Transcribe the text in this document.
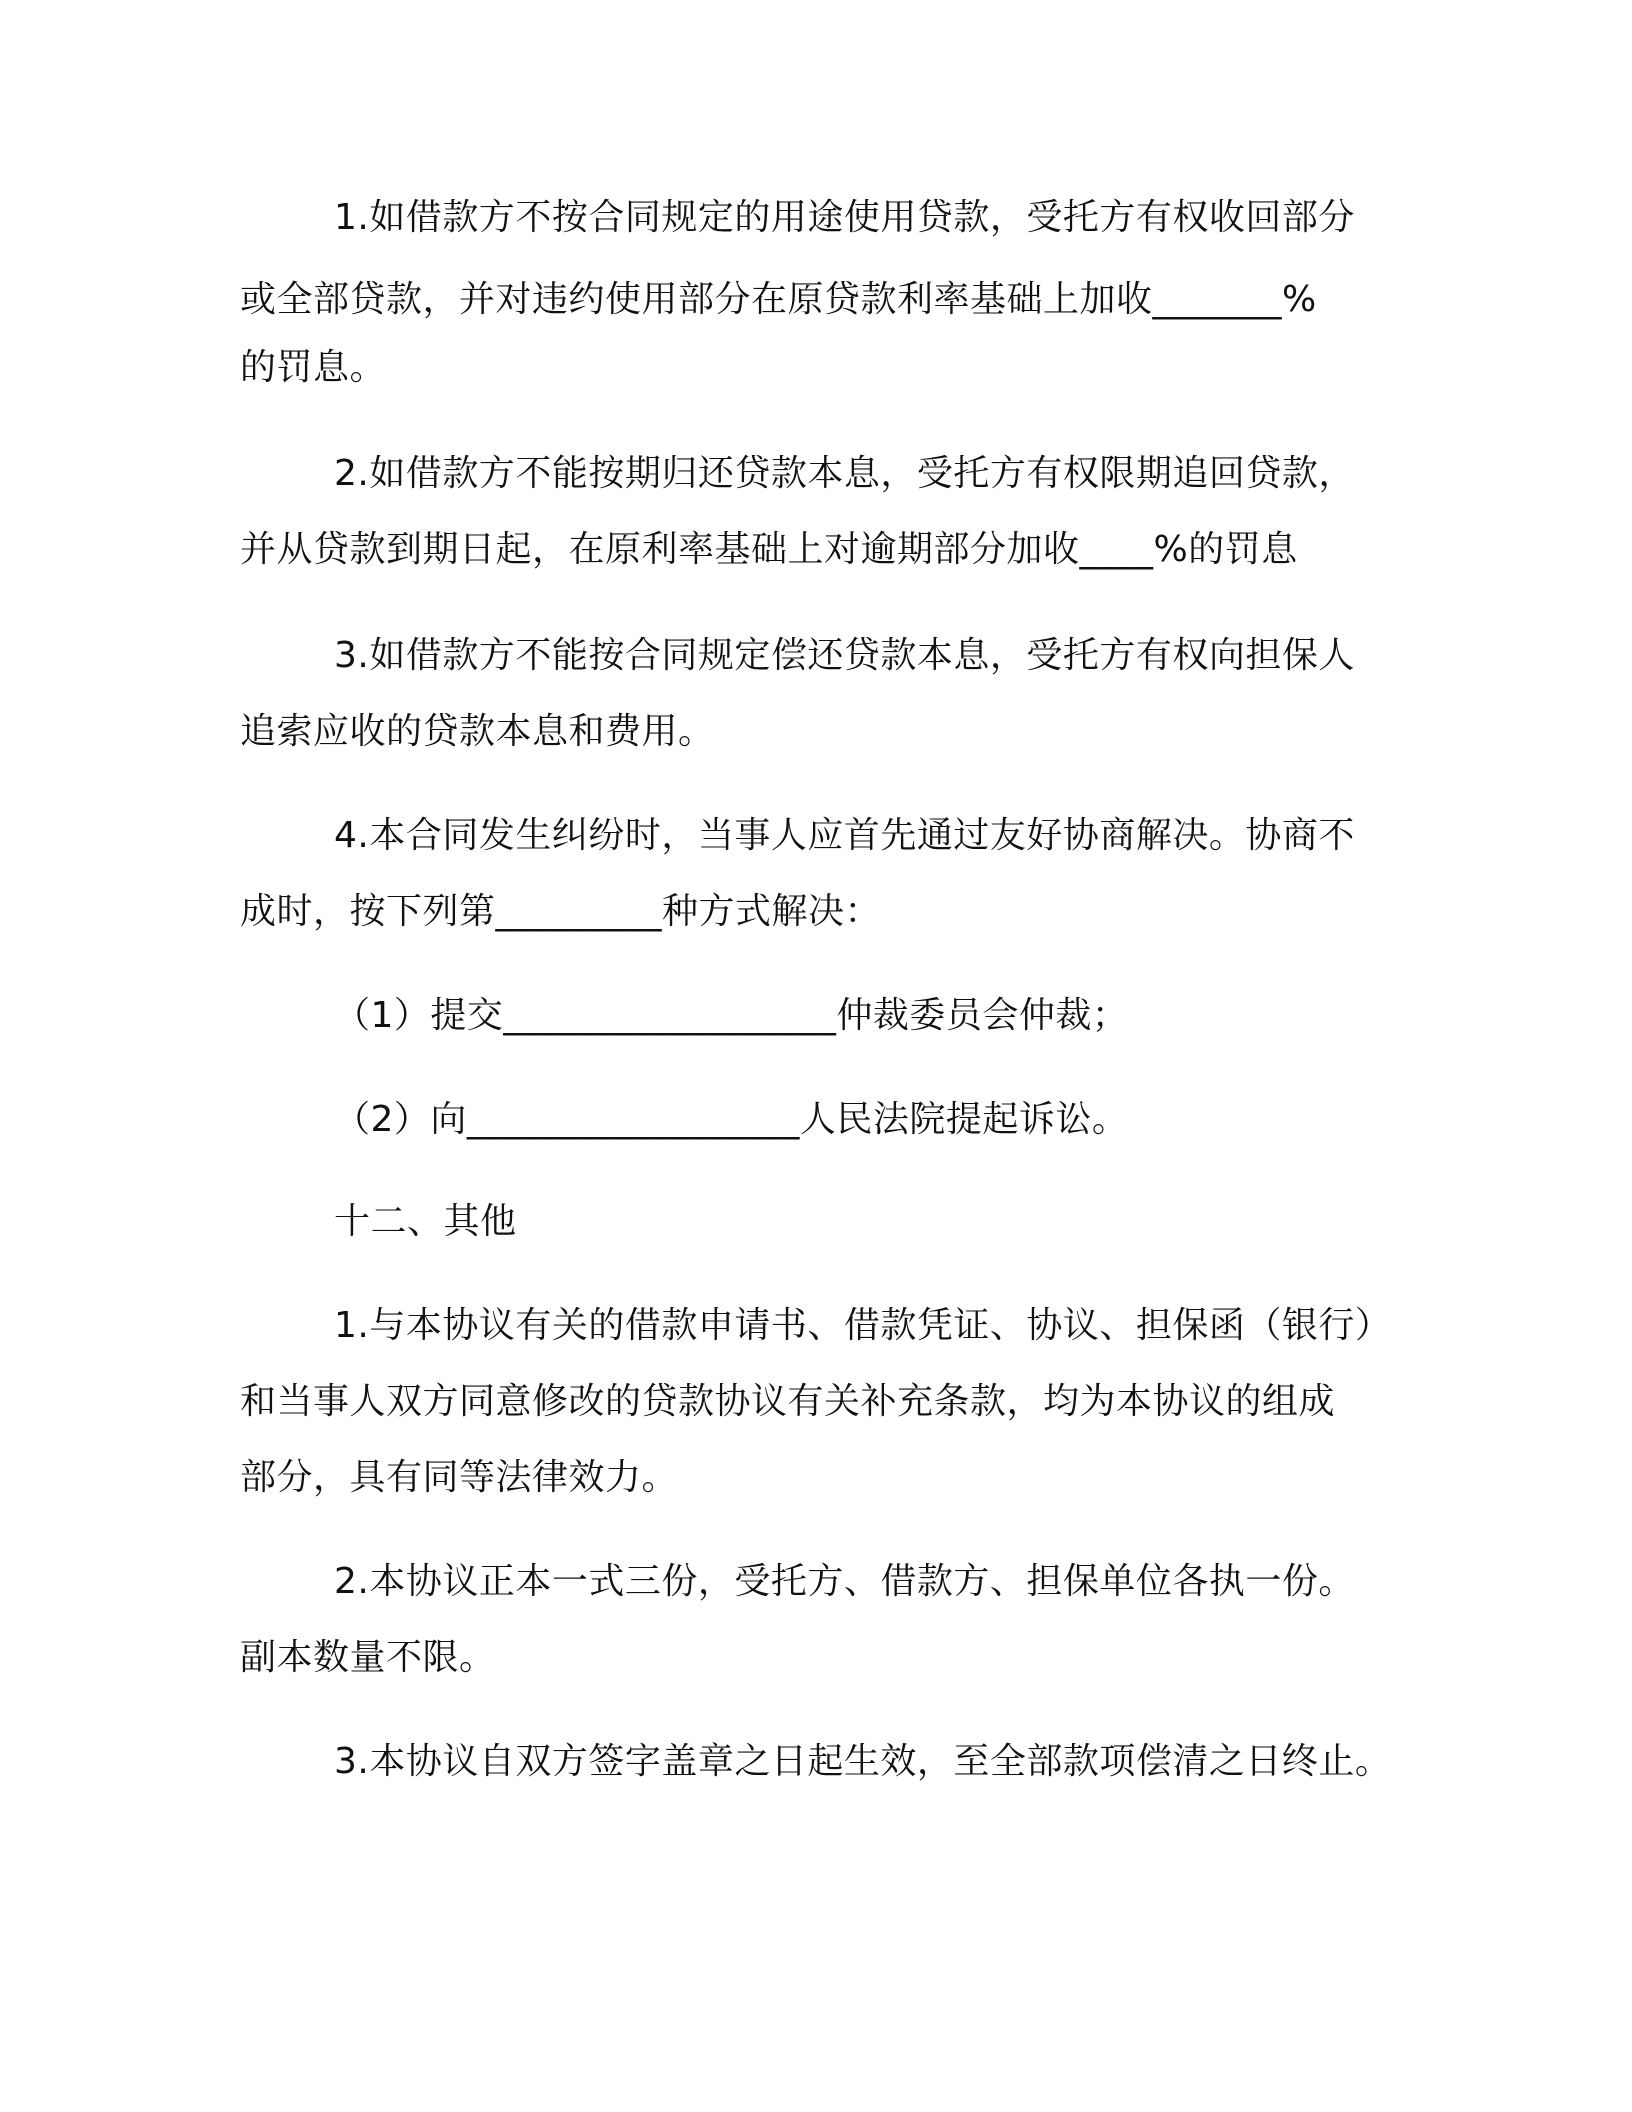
1.如借款方不按合同规定的用途使用贷款，受托方有权收回部分

或全部贷款，并对违约使用部分在原贷款利率基础上加收_______%

的罚息。

2.如借款方不能按期归还贷款本息，受托方有权限期追回贷款，

并从贷款到期日起，在原利率基础上对逾期部分加收____%的罚息

3.如借款方不能按合同规定偿还贷款本息，受托方有权向担保人

追索应收的贷款本息和费用。

4.本合同发生纠纷时，当事人应首先通过友好协商解决。协商不

成时，按下列第_________种方式解决：

（1）提交__________________仲裁委员会仲裁；

（2）向__________________人民法院提起诉讼。

十二、其他

1.与本协议有关的借款申请书、借款凭证、协议、担保函（银行）

和当事人双方同意修改的贷款协议有关补充条款，均为本协议的组成

部分，具有同等法律效力。

2.本协议正本一式三份，受托方、借款方、担保单位各执一份。

副本数量不限。

3.本协议自双方签字盖章之日起生效，至全部款项偿清之日终止。
